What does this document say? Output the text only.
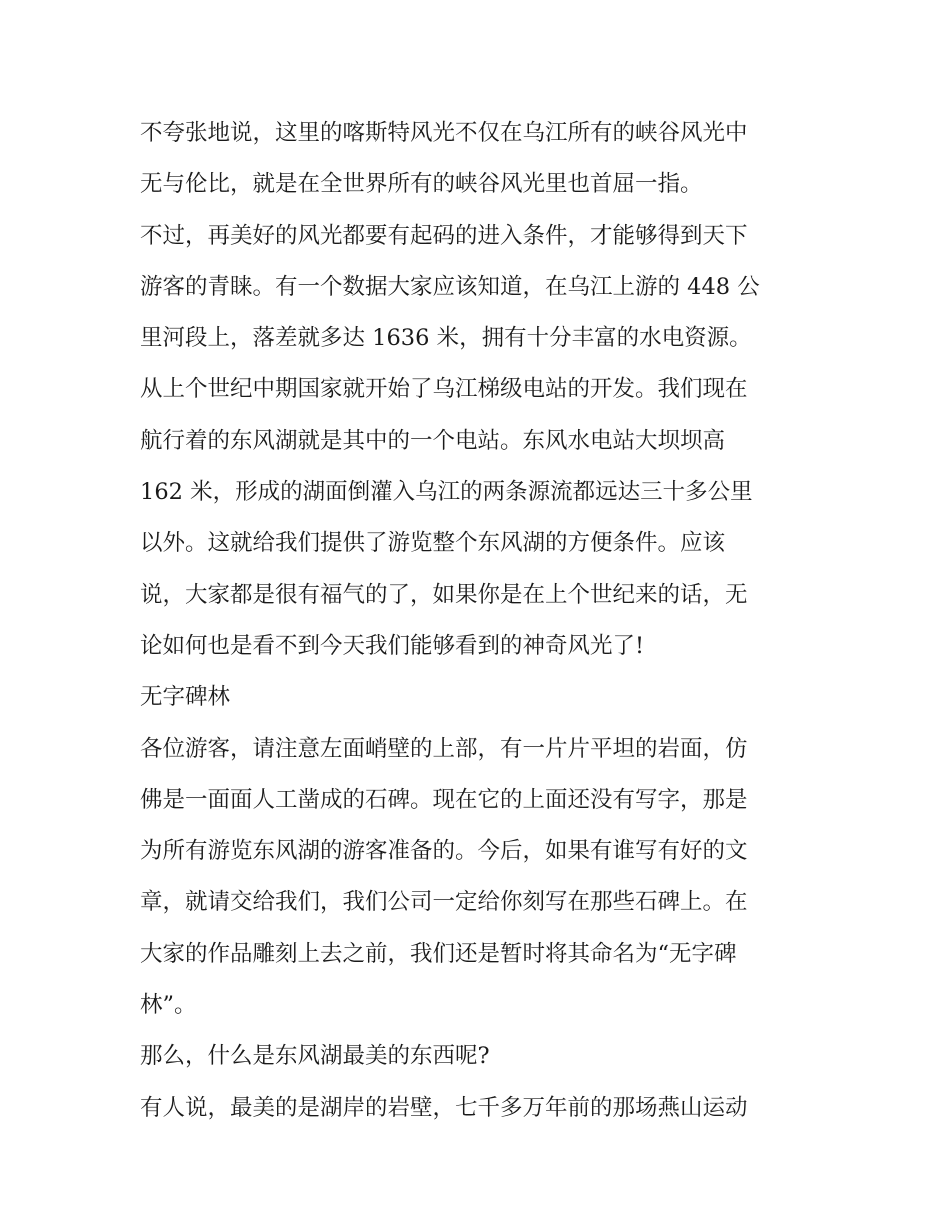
不夸张地说，这里的喀斯特风光不仅在乌江所有的峡谷风光中
无与伦比，就是在全世界所有的峡谷风光里也首屈一指。
不过，再美好的风光都要有起码的进入条件，才能够得到天下
游客的青睐。有一个数据大家应该知道，在乌江上游的 448 公
里河段上，落差就多达 1636 米，拥有十分丰富的水电资源。
从上个世纪中期国家就开始了乌江梯级电站的开发。我们现在
航行着的东风湖就是其中的一个电站。东风水电站大坝坝高
162 米，形成的湖面倒灌入乌江的两条源流都远达三十多公里
以外。这就给我们提供了游览整个东风湖的方便条件。应该
说，大家都是很有福气的了，如果你是在上个世纪来的话，无
论如何也是看不到今天我们能够看到的神奇风光了!
无字碑林
各位游客，请注意左面峭壁的上部，有一片片平坦的岩面，仿
佛是一面面人工凿成的石碑。现在它的上面还没有写字，那是
为所有游览东风湖的游客准备的。今后，如果有谁写有好的文
章，就请交给我们，我们公司一定给你刻写在那些石碑上。在
大家的作品雕刻上去之前，我们还是暂时将其命名为“无字碑
林”。
那么，什么是东风湖最美的东西呢?
有人说，最美的是湖岸的岩壁，七千多万年前的那场燕山运动
